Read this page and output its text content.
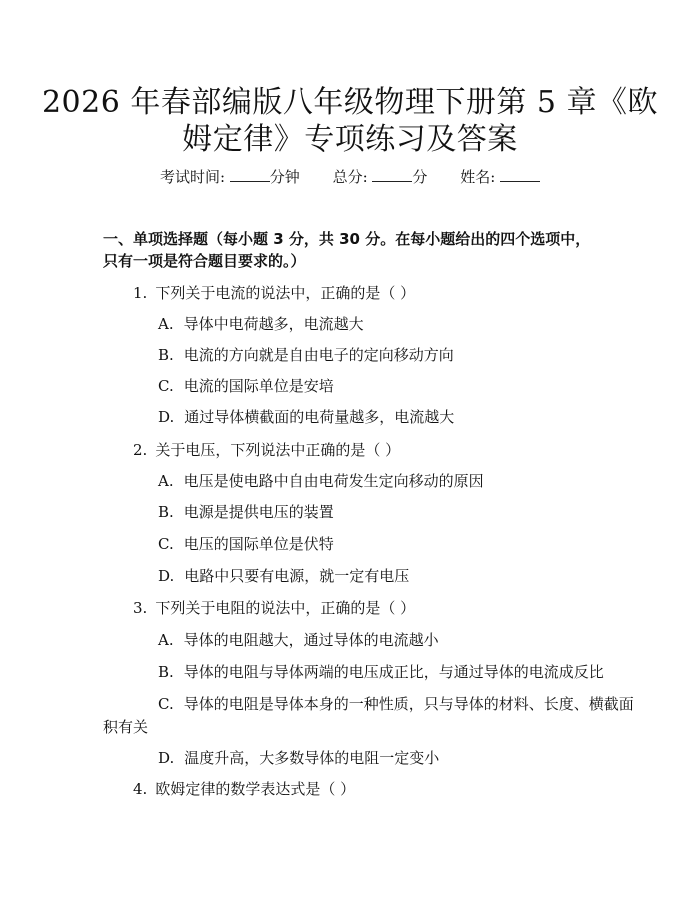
2026 年春部编版八年级物理下册第 5 章《欧
姆定律》专项练习及答案
考试时间:	分钟 总分:	分 姓名:
一、单项选择题（每小题 3 分，共 30 分。在每小题给出的四个选项中，只有一项是符合题目要求的。）
1. 下列关于电流的说法中，正确的是（ ）
A. 导体中电荷越多，电流越大
B. 电流的方向就是自由电子的定向移动方向
C. 电流的国际单位是安培
D. 通过导体横截面的电荷量越多，电流越大
2. 关于电压，下列说法中正确的是（ ）
A. 电压是使电路中自由电荷发生定向移动的原因
B. 电源是提供电压的装置
C. 电压的国际单位是伏特
D. 电路中只要有电源，就一定有电压
3. 下列关于电阻的说法中，正确的是（ ）
A. 导体的电阻越大，通过导体的电流越小
B. 导体的电阻与导体两端的电压成正比，与通过导体的电流成反比
C. 导体的电阻是导体本身的一种性质，只与导体的材料、长度、横截面
积有关
D. 温度升高，大多数导体的电阻一定变小
4. 欧姆定律的数学表达式是（ ）
